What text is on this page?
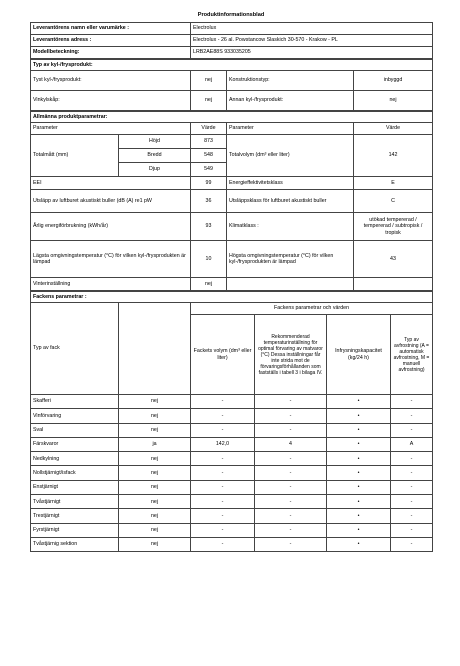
Produktinformationsblad
Leverantörens namn eller varumärke :	Electrolux
Leverantörens adress :	Electrolux - 26 al. Powstancow Slaskich 30-570 - Krakow - PL
Modellbeteckning:	LRB2AE88S 933035205
Typ av kyl-/frysprodukt:			
Tyst kyl-/frysprodukt:	nej	Konstruktionstyp:	inbyggd
Vinkylskåp:	nej	Annan kyl-/frysprodukt:	nej
Allmänna produktparametrar:				
Parameter		Värde	Parameter	Värde
Totalmått (mm)	Höjd	873	Totalvolym (dm³ eller liter)	142
	Bredd	548		
	Djup	549		
EEI		99	Energieffektivitetsklass	E
Utsläpp av luftburet akustiskt buller (dB (A) re1 pW		36	Utsläppsklass för luftburet akustiskt buller	C
Årlig energiförbrukning (kWh/år)		93	Klimatklass :	utökad tempererad / tempererad / subtropisk / tropisk
Lägsta omgivningstemperatur (°C) för vilken kyl-/frysprodukten är lämpad		10	Högsta omgivningstemperatur (°C) för vilken kyl-/frysprodukten är lämpad	43
Vinterinställning		nej		
Fackens parametrar :					
Typ av fack		Fackens parametrar och värden			
		Fackets volym (dm³ eller liter)	Rekommenderad temperaturinställning för optimal förvaring av matvaror (°C) Dessa inställningar får inte strida mot de förvaringsförhållanden som fastställs i tabell 3 i bilaga IV.	Infrysningskapacitet (kg/24 h)	Typ av avfrostning (A = automatisk avfrostning, M = manuell avfrostning)
Skafferi	nej	-	-	•	-
Vinförvaring	nej	-	-	•	-
Sval	nej	-	-	•	-
Färskvaror	ja	142,0	4	•	A
Nedkylning	nej	-	-	•	-
Nollstjärnigt/isfack	nej	-	-	•	-
Enstjärnigt	nej	-	-	•	-
Tvåstjärnigt	nej	-	-	•	-
Trestjärnigt	nej	-	-	•	-
Fyrstjärnigt	nej	-	-	•	-
Tvåstjärnig sektion	nej	-	-	•	-
